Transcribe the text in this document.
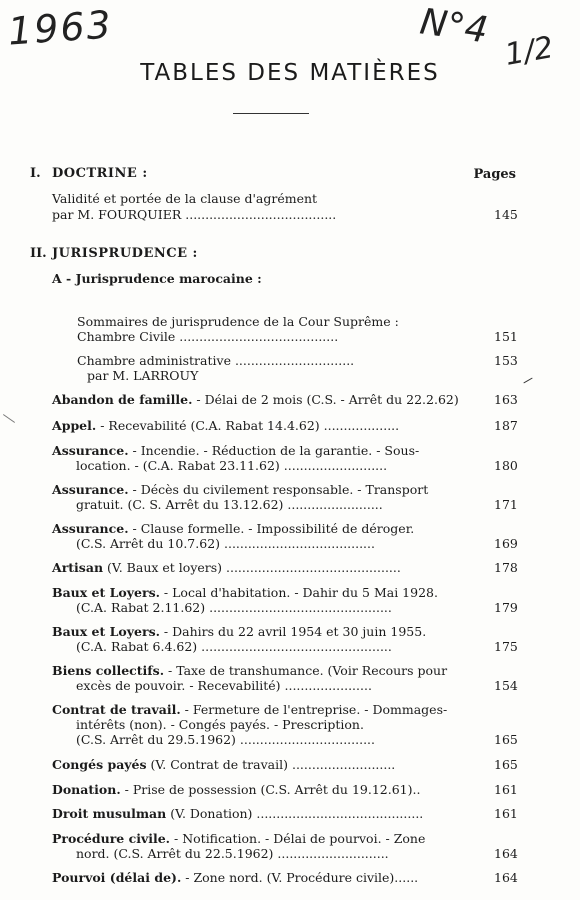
1963	N°4 1/2
TABLES DES MATIÈRES
I. DOCTRINE :	Pages
Validité et portée de la clause d'agrément
par M. FOURQUIER ......................................	145
II. JURISPRUDENCE :
A - Jurisprudence marocaine :
Sommaires de jurisprudence de la Cour Suprême :
Chambre Civile ........................................	151
Chambre administrative ..............................	153
par M. LARROUY
Abandon de famille. - Délai de 2 mois (C.S. - Arrêt du 22.2.62)	163
Appel. - Recevabilité (C.A. Rabat 14.4.62) ...................	187
Assurance. - Incendie. - Réduction de la garantie. - Sous-
location. - (C.A. Rabat 23.11.62) ..........................	180
Assurance. - Décès du civilement responsable. - Transport
gratuit. (C. S. Arrêt du 13.12.62) ........................	171
Assurance. - Clause formelle. - Impossibilité de déroger.
(C.S. Arrêt du 10.7.62) ......................................	169
Artisan (V. Baux et loyers) ............................................	178
Baux et Loyers. - Local d'habitation. - Dahir du 5 Mai 1928.
(C.A. Rabat 2.11.62) ..............................................	179
Baux et Loyers. - Dahirs du 22 avril 1954 et 30 juin 1955.
(C.A. Rabat 6.4.62) ................................................	175
Biens collectifs. - Taxe de transhumance. (Voir Recours pour
excès de pouvoir. - Recevabilité) ......................	154
Contrat de travail. - Fermeture de l'entreprise. - Dommages-
intérêts (non). - Congés payés. - Prescription.
(C.S. Arrêt du 29.5.1962) ..................................	165
Congés payés (V. Contrat de travail) ..........................	165
Donation. - Prise de possession (C.S. Arrêt du 19.12.61)..	161
Droit musulman (V. Donation) ..........................................	161
Procédure civile. - Notification. - Délai de pourvoi. - Zone
nord. (C.S. Arrêt du 22.5.1962) ............................	164
Pourvoi (délai de). - Zone nord. (V. Procédure civile)......	164
